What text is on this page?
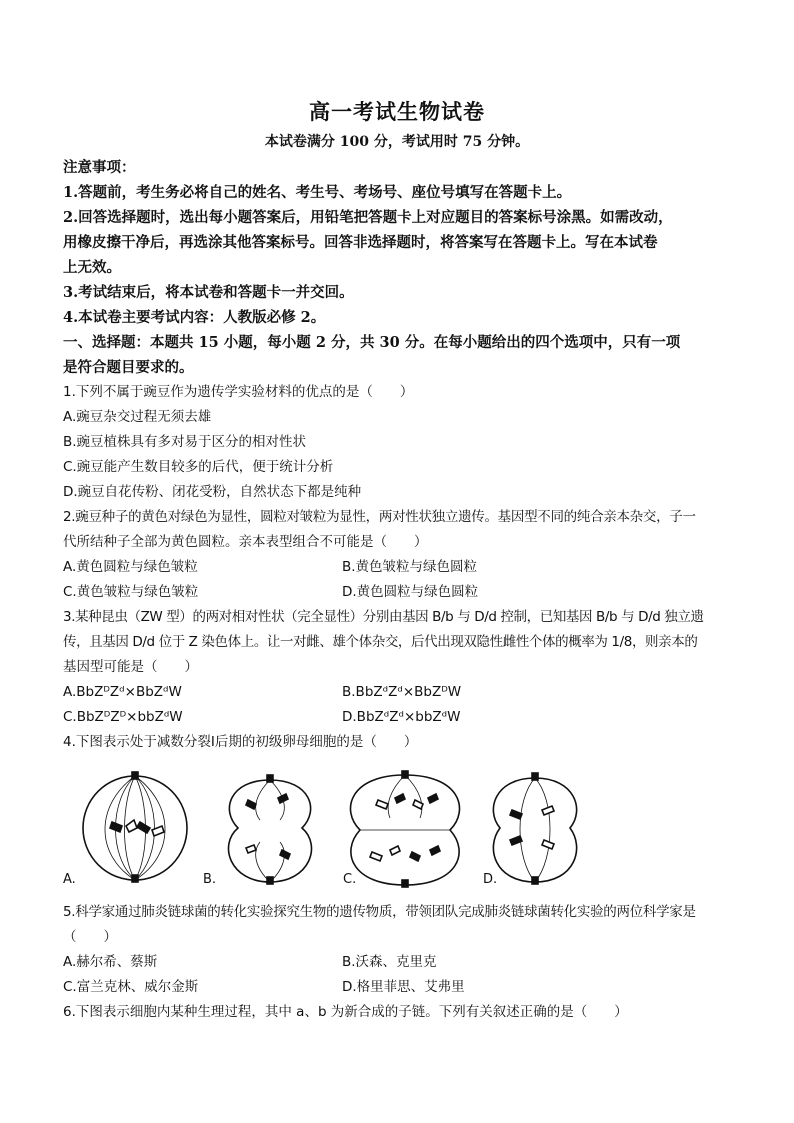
高一考试生物试卷
本试卷满分 100 分，考试用时 75 分钟。
注意事项：
1.答题前，考生务必将自己的姓名、考生号、考场号、座位号填写在答题卡上。
2.回答选择题时，选出每小题答案后，用铅笔把答题卡上对应题目的答案标号涂黑。如需改动，
用橡皮擦干净后，再选涂其他答案标号。回答非选择题时，将答案写在答题卡上。写在本试卷
上无效。
3.考试结束后，将本试卷和答题卡一并交回。
4.本试卷主要考试内容：人教版必修 2。
一、选择题：本题共 15 小题，每小题 2 分，共 30 分。在每小题给出的四个选项中，只有一项
是符合题目要求的。
1.下列不属于豌豆作为遗传学实验材料的优点的是（　　）
A.豌豆杂交过程无须去雄
B.豌豆植株具有多对易于区分的相对性状
C.豌豆能产生数目较多的后代，便于统计分析
D.豌豆自花传粉、闭花受粉，自然状态下都是纯种
2.豌豆种子的黄色对绿色为显性，圆粒对皱粒为显性，两对性状独立遗传。基因型不同的纯合亲本杂交，子一
代所结种子全部为黄色圆粒。亲本表型组合不可能是（　　）
A.黄色圆粒与绿色皱粒	B.黄色皱粒与绿色圆粒
C.黄色皱粒与绿色皱粒	D.黄色圆粒与绿色圆粒
3.某种昆虫（ZW 型）的两对相对性状（完全显性）分别由基因 B/b 与 D/d 控制，已知基因 B/b 与 D/d 独立遗
传，且基因 D/d 位于 Z 染色体上。让一对雌、雄个体杂交，后代出现双隐性雌性个体的概率为 1/8，则亲本的
基因型可能是（　　）
A.BbZᴰZᵈ×BbZᵈW	B.BbZᵈZᵈ×BbZᴰW
C.BbZᴰZᴰ×bbZᵈW	D.BbZᵈZᵈ×bbZᵈW
4.下图表示处于减数分裂Ⅰ后期的初级卵母细胞的是（　　）
A.	B.	C.	D.
5.科学家通过肺炎链球菌的转化实验探究生物的遗传物质，带领团队完成肺炎链球菌转化实验的两位科学家是
（　　）
A.赫尔希、蔡斯	B.沃森、克里克
C.富兰克林、威尔金斯	D.格里菲思、艾弗里
6.下图表示细胞内某种生理过程，其中 a、b 为新合成的子链。下列有关叙述正确的是（　　）
